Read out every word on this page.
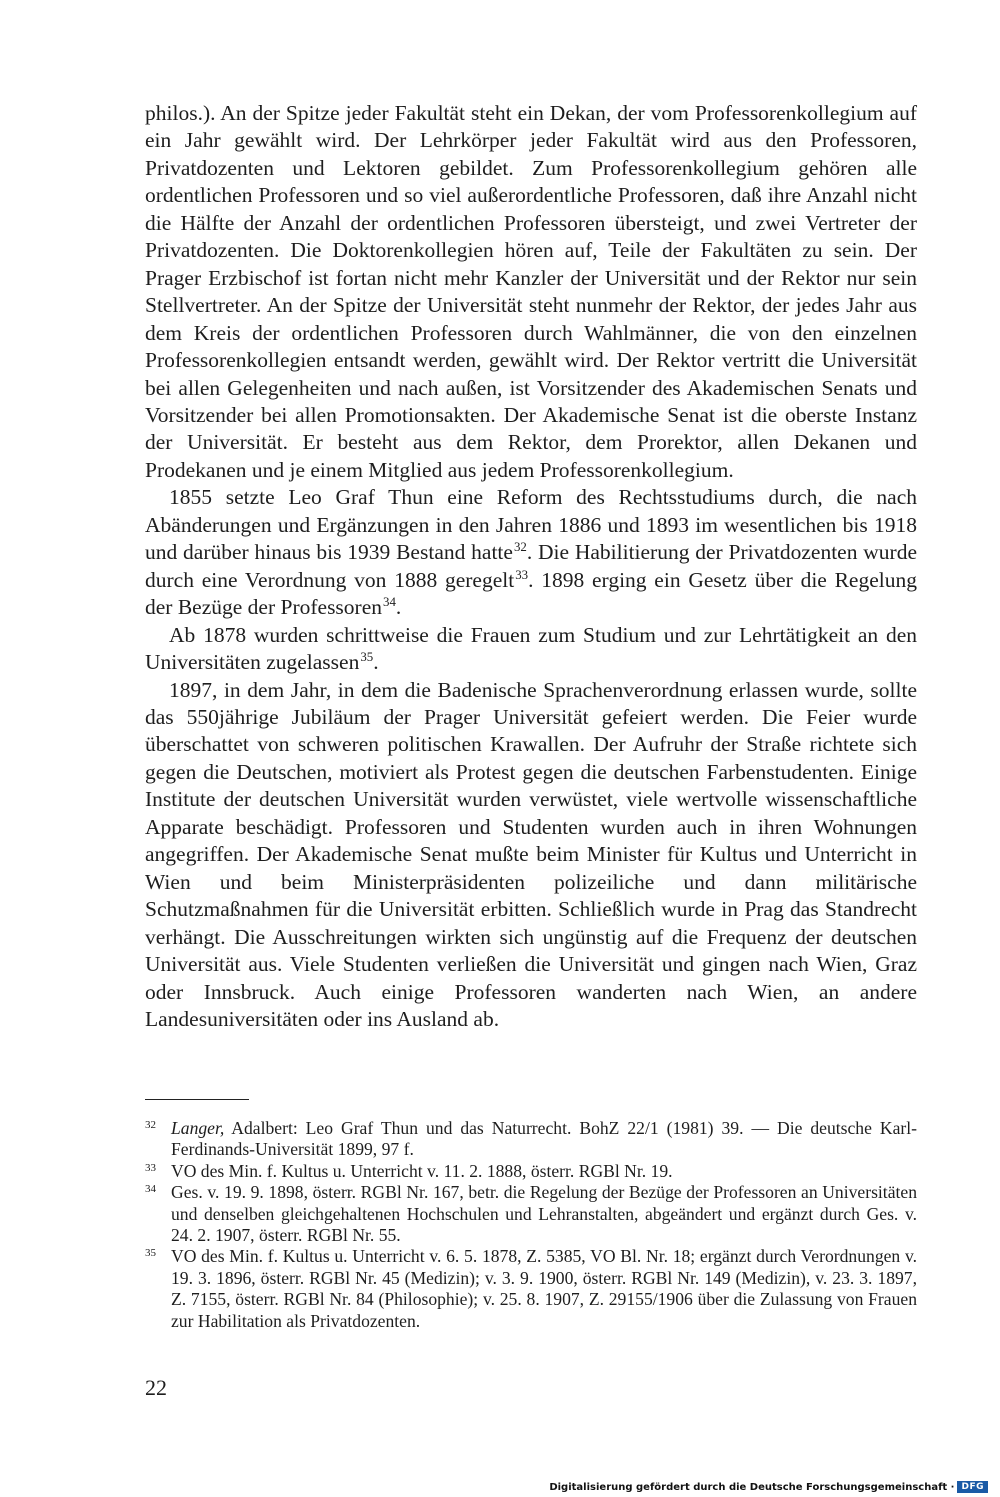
philos.). An der Spitze jeder Fakultät steht ein Dekan, der vom Professorenkollegium auf ein Jahr gewählt wird. Der Lehrkörper jeder Fakultät wird aus den Professoren, Privatdozenten und Lektoren gebildet. Zum Professorenkollegium gehören alle ordentlichen Professoren und so viel außerordentliche Professoren, daß ihre Anzahl nicht die Hälfte der Anzahl der ordentlichen Professoren übersteigt, und zwei Vertreter der Privatdozenten. Die Doktorenkollegien hören auf, Teile der Fakultäten zu sein. Der Prager Erzbischof ist fortan nicht mehr Kanzler der Universität und der Rektor nur sein Stellvertreter. An der Spitze der Universität steht nunmehr der Rektor, der jedes Jahr aus dem Kreis der ordentlichen Professoren durch Wahlmänner, die von den einzelnen Professorenkollegien entsandt werden, gewählt wird. Der Rektor vertritt die Universität bei allen Gelegenheiten und nach außen, ist Vorsitzender des Akademischen Senats und Vorsitzender bei allen Promotionsakten. Der Akademische Senat ist die oberste Instanz der Universität. Er besteht aus dem Rektor, dem Prorektor, allen Dekanen und Prodekanen und je einem Mitglied aus jedem Professorenkollegium.

1855 setzte Leo Graf Thun eine Reform des Rechtsstudiums durch, die nach Abänderungen und Ergänzungen in den Jahren 1886 und 1893 im wesentlichen bis 1918 und darüber hinaus bis 1939 Bestand hatte$^{32}$. Die Habilitierung der Privatdozenten wurde durch eine Verordnung von 1888 geregelt$^{33}$. 1898 erging ein Gesetz über die Regelung der Bezüge der Professoren$^{34}$.

Ab 1878 wurden schrittweise die Frauen zum Studium und zur Lehrtätigkeit an den Universitäten zugelassen$^{35}$.

1897, in dem Jahr, in dem die Badenische Sprachenverordnung erlassen wurde, sollte das 550jährige Jubiläum der Prager Universität gefeiert werden. Die Feier wurde überschattet von schweren politischen Krawallen. Der Aufruhr der Straße richtete sich gegen die Deutschen, motiviert als Protest gegen die deutschen Farbenstudenten. Einige Institute der deutschen Universität wurden verwüstet, viele wertvolle wissenschaftliche Apparate beschädigt. Professoren und Studenten wurden auch in ihren Wohnungen angegriffen. Der Akademische Senat mußte beim Minister für Kultus und Unterricht in Wien und beim Ministerpräsidenten polizeiliche und dann militärische Schutzmaßnahmen für die Universität erbitten. Schließlich wurde in Prag das Standrecht verhängt. Die Ausschreitungen wirkten sich ungünstig auf die Frequenz der deutschen Universität aus. Viele Studenten verließen die Universität und gingen nach Wien, Graz oder Innsbruck. Auch einige Professoren wanderten nach Wien, an andere Landesuniversitäten oder ins Ausland ab.

32 Langer, Adalbert: Leo Graf Thun und das Naturrecht. BohZ 22/1 (1981) 39. — Die deutsche Karl-Ferdinands-Universität 1899, 97 f.
33 VO des Min. f. Kultus u. Unterricht v. 11. 2. 1888, österr. RGBl Nr. 19.
34 Ges. v. 19. 9. 1898, österr. RGBl Nr. 167, betr. die Regelung der Bezüge der Professoren an Universitäten und denselben gleichgehaltenen Hochschulen und Lehranstalten, abgeändert und ergänzt durch Ges. v. 24. 2. 1907, österr. RGBl Nr. 55.
35 VO des Min. f. Kultus u. Unterricht v. 6. 5. 1878, Z. 5385, VO Bl. Nr. 18; ergänzt durch Verordnungen v. 19. 3. 1896, österr. RGBl Nr. 45 (Medizin); v. 3. 9. 1900, österr. RGBl Nr. 149 (Medizin), v. 23. 3. 1897, Z. 7155, österr. RGBl Nr. 84 (Philosophie); v. 25. 8. 1907, Z. 29155/1906 über die Zulassung von Frauen zur Habilitation als Privatdozenten.
22
Digitalisierung gefördert durch die Deutsche Forschungsgemeinschaft · DFG
